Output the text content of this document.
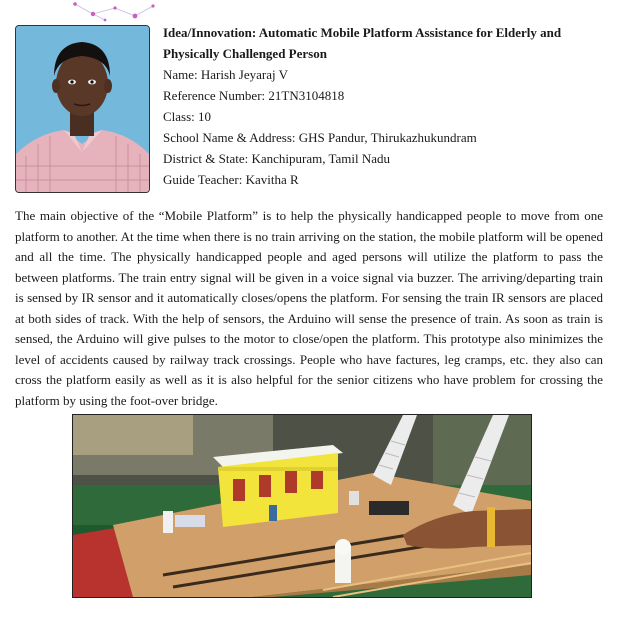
Idea/Innovation: Automatic Mobile Platform Assistance for Elderly and
Physically Challenged Person
Name: Harish Jeyaraj V
Reference Number: 21TN3104818
Class: 10
School Name & Address: GHS Pandur, Thirukazhukundram
District & State: Kanchipuram, Tamil Nadu
Guide Teacher: Kavitha R
The main objective of the “Mobile Platform” is to help the physically handicapped people to move from one platform to another. At the time when there is no train arriving on the station, the mobile platform will be opened and all the time. The physically handicapped people and aged persons will utilize the platform to pass the between platforms. The train entry signal will be given in a voice signal via buzzer. The arriving/departing train is sensed by IR sensor and it automatically closes/opens the platform. For sensing the train IR sensors are placed at both sides of track. With the help of sensors, the Arduino will sense the presence of train. As soon as train is sensed, the Arduino will give pulses to the motor to close/open the platform. This prototype also minimizes the level of accidents caused by railway track crossings. People who have factures, leg cramps, etc. they also can cross the platform easily as well as it is also helpful for the senior citizens who have problem for crossing the platform by using the foot-over bridge.
